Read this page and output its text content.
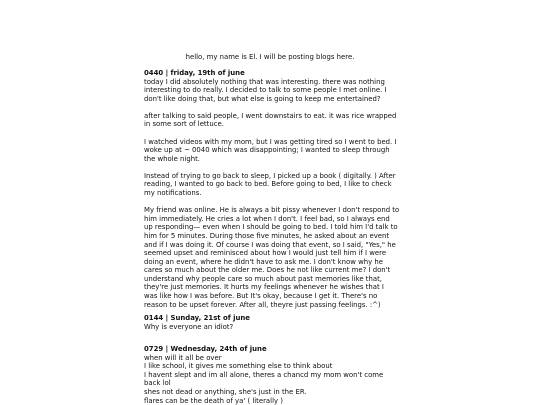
hello, my name is El. I will be posting blogs here.
0440 | friday, 19th of june
today I did absolutely nothing that was interesting. there was nothing
interesting to do really. I decided to talk to some people I met online. I
don't like doing that, but what else is going to keep me entertained?
after talking to said people, I went downstairs to eat. it was rice wrapped
in some sort of lettuce.
I watched videos with my mom, but I was getting tired so I went to bed. I
woke up at ~ 0040 which was disappointing; I wanted to sleep through
the whole night.
Instead of trying to go back to sleep, I picked up a book ( digitally. ) After
reading, I wanted to go back to bed. Before going to bed, I like to check
my notifications.
My friend was online. He is always a bit pissy whenever I don't respond to
him immediately. He cries a lot when I don't. I feel bad, so I always end
up responding— even when I should be going to bed. I told him I'd talk to
him for 5 minutes. During those five minutes, he asked about an event
and if I was doing it. Of course I was doing that event, so I said, "Yes," he
seemed upset and reminisced about how I would just tell him if I were
doing an event, where he didn't have to ask me. I don't know why he
cares so much about the older me. Does he not like current me? I don't
understand why people care so much about past memories like that,
they're just memories. It hurts my feelings whenever he wishes that I
was like how I was before. But It's okay, because I get it. There's no
reason to be upset forever. After all, theyre just passing feelings. :^)
0144 | Sunday, 21st of june
Why is everyone an idiot?
0729 | Wednesday, 24th of june
when will it all be over
I like school, it gives me something else to think about
I havent slept and im all alone, theres a chancd my mom won't come
back lol
shes not dead or anything, she's just in the ER.
flares can be the death of ya' ( literally )
